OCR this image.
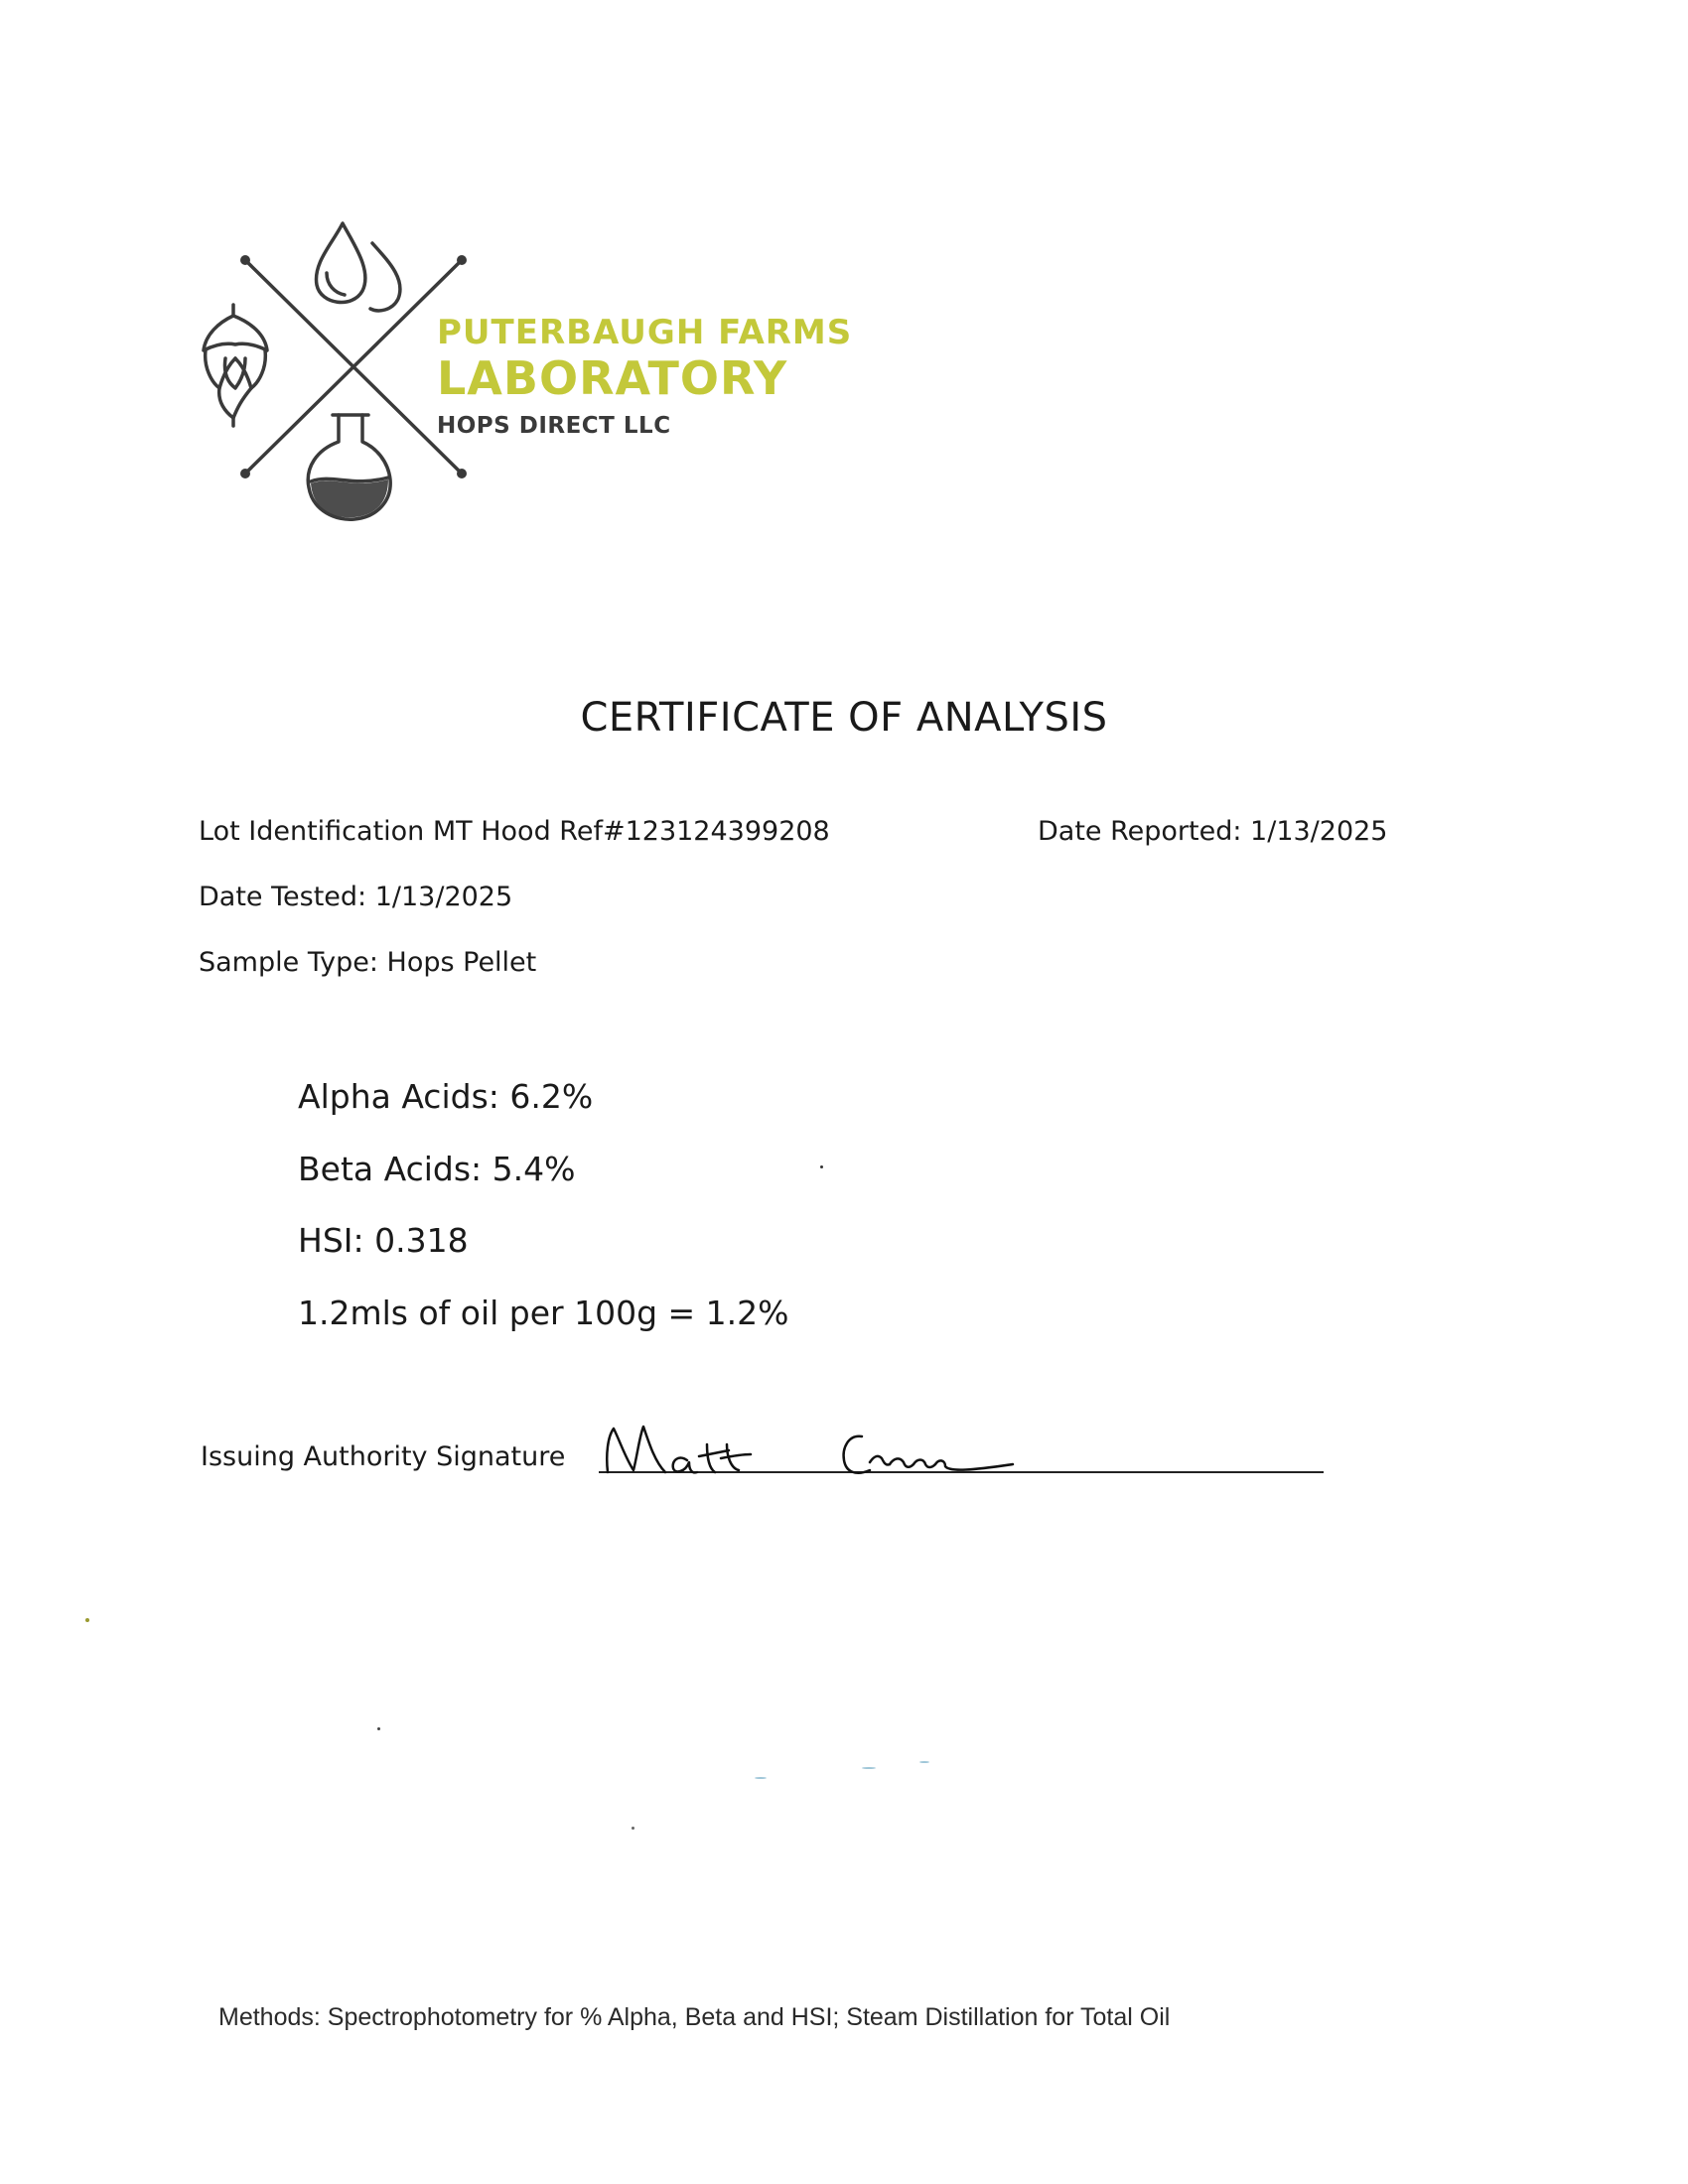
PUTERBAUGH FARMS
LABORATORY
HOPS DIRECT LLC
CERTIFICATE OF ANALYSIS
Lot Identification MT Hood Ref#123124399208	Date Reported: 1/13/2025
Date Tested: 1/13/2025
Sample Type: Hops Pellet
Alpha Acids: 6.2%
Beta Acids: 5.4%
HSI: 0.318
1.2mls of oil per 100g = 1.2%
Issuing Authority Signature
Methods: Spectrophotometry for % Alpha, Beta and HSI; Steam Distillation for Total Oil
